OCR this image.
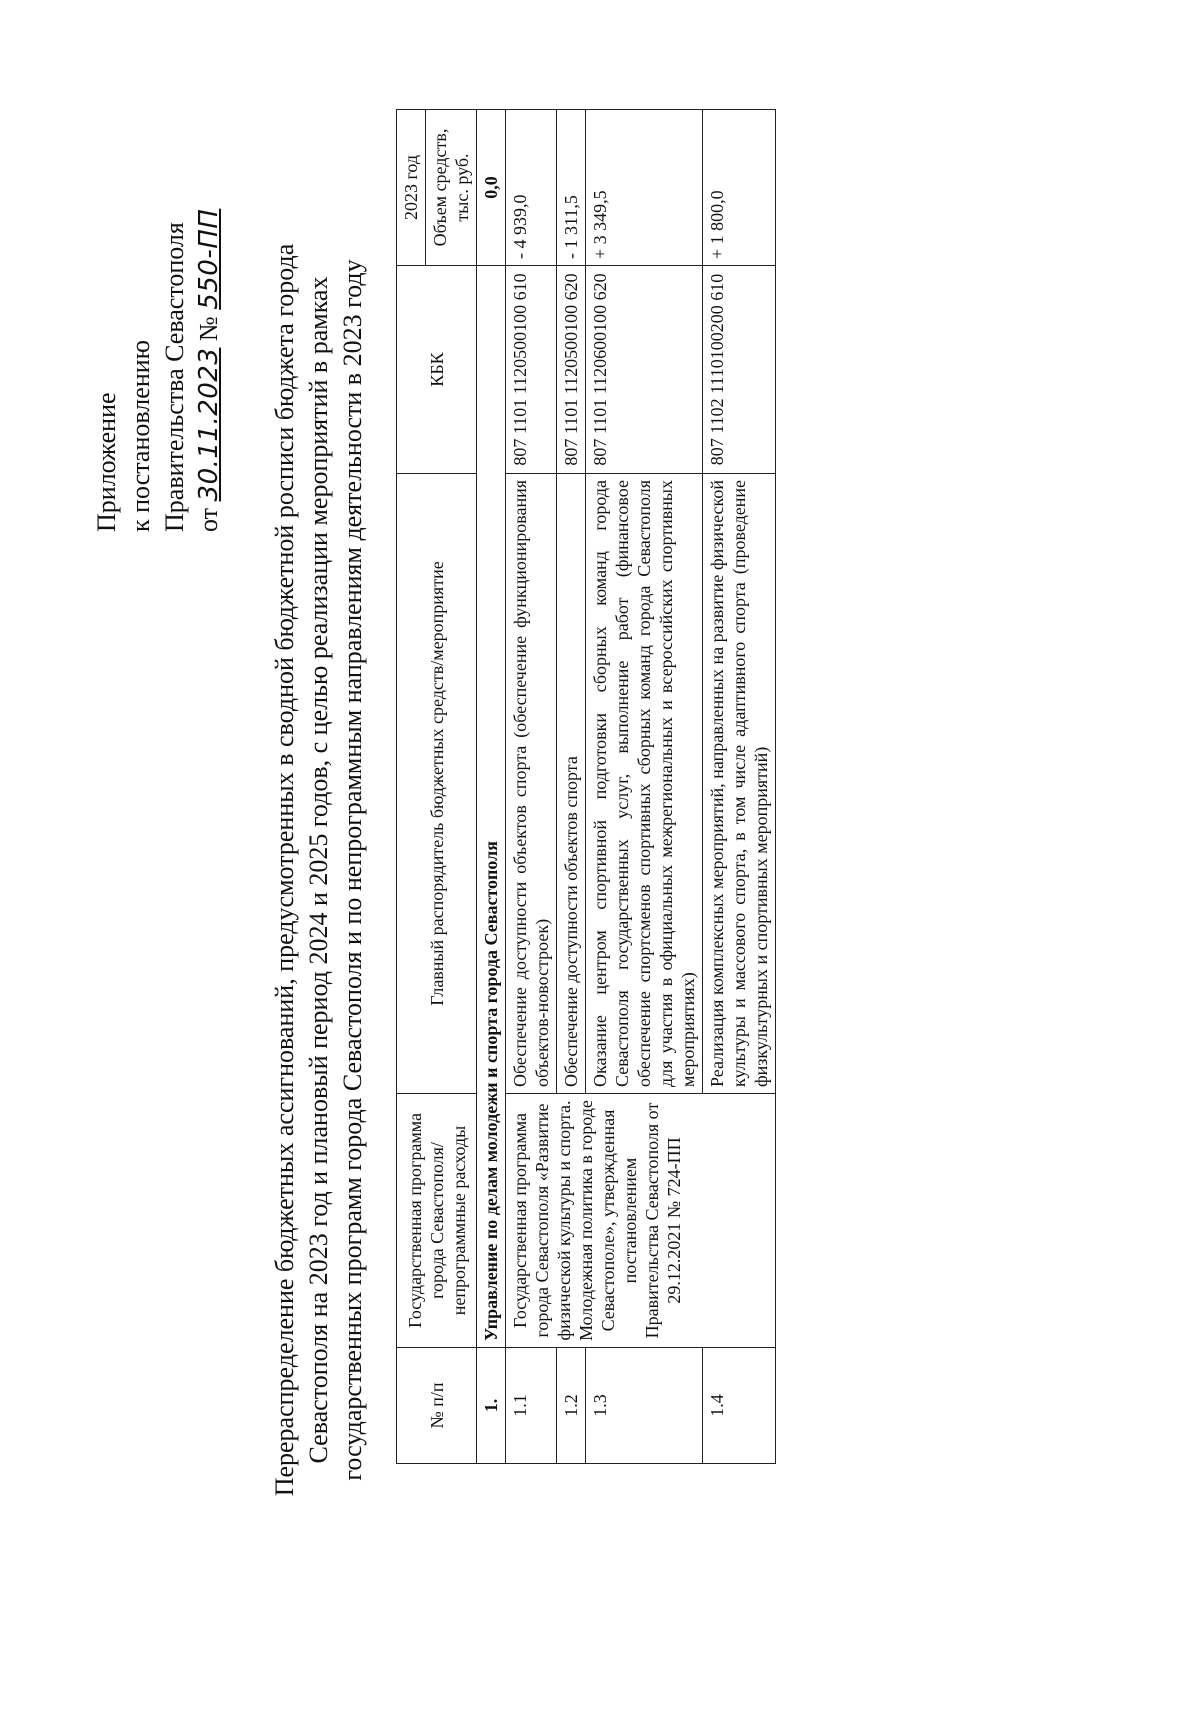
Приложение к постановлению Правительства Севастополя от 30.11.2023 № 550-ПП Перераспределение бюджетных ассигнований, предусмотренных в сводной бюджетной росписи бюджета города Севастополя на 2023 год и плановый период 2024 и 2025 годов, с целью реализации мероприятий в рамках государственных программ города Севастополя и по непрограммным направлениям деятельности в 2023 году	№ п/п	Государственная программа города Севастополя/ непрограммные расходы	Главный распорядитель бюджетных средств/мероприятие	КБК	2023 год
				Объем средств, тыс. руб.
1.	Управление по делам молодежи и спорта города Севастополя			0,0
1.1	Государственная программа города Севастополя «Развитие физической культуры и спорта. Молодежная политика в городе Севастополе», утвержденная постановлением Правительства Севастополя от 29.12.2021 № 724-ПП	Обеспечение доступности объектов спорта (обеспечение функционирования объектов-новостроек)	807 1101 1120500100 610	- 4 939,0
1.2		Обеспечение доступности объектов спорта	807 1101 1120500100 620	- 1 311,5
1.3		Оказание центром спортивной подготовки сборных команд города Севастополя государственных услуг, выполнение работ (финансовое обеспечение спортсменов спортивных сборных команд города Севастополя для участия в официальных межрегиональных и всероссийских спортивных мероприятиях)	807 1101 1120600100 620	+ 3 349,5
1.4		Реализация комплексных мероприятий, направленных на развитие физической культуры и массового спорта, в том числе адаптивного спорта (проведение физкультурных и спортивных мероприятий)	807 1102 1110100200 610	+ 1 800,0
